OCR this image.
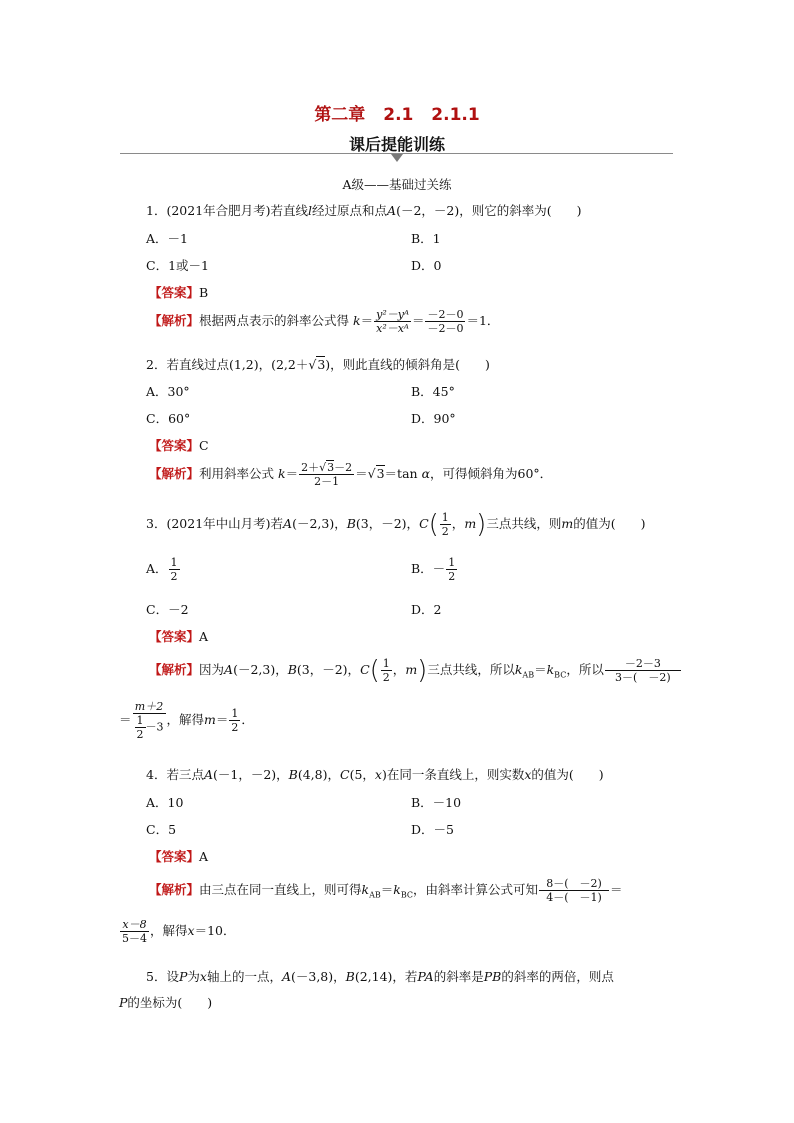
第二章 2.1 2.1.1
课后提能训练
A级——基础过关练
1．(2021年合肥月考)若直线l经过原点和点A(－2，－2)，则它的斜率为(　　)
A．－1	B．1
C．1或－1	D．0
【答案】B
【解析】根据两点表示的斜率公式得 $k= \frac{\text{y²－yᴬ}}{\text{x²－xᴬ}} = \frac{-2-0}{-2-0} =1$．
2．若直线过点(1,2)，(2,2＋√3)，则此直线的倾斜角是(　　)
A．30°	B．45°
C．60°	D．90°
【答案】C
【解析】利用斜率公式 $k= \frac{2+√3-2}{2-1} =√3=\tan$ α，可得倾斜角为60°．
3．(2021年中山月考)若A(－2,3)，B(3，－2)，$C( \frac{1}{2}$ ，m)三点共线，则m的值为(　　)
A． $\frac{1}{2}$	B．－ $\frac{1}{2}$
C．－2	D．2
【答案】A
【解析】因为A(－2,3)，B(3，－2)，$C( \frac{1}{2}$ ，m)三点共线，所以$k_{AB}=k_{BC}$，所以 $\frac{-2-3}{3-( -2)}$
＝ $\frac{m+2}{\frac{1}{2} -3}$ ，解得$m= \frac{1}{2}$ ．
4．若三点A(－1，－2)，B(4,8)，C(5，x)在同一条直线上，则实数x的值为(　　)
A．10	B．－10
C．5	D．－5
【答案】A
【解析】由三点在同一直线上，则可得$k_{AB}=k_{BC}$，由斜率计算公式可知 $\frac{8-( -2)}{4-( -1)}$ ＝
$\frac{x-8}{5-4}$ ，解得x＝10．
5．设P为x轴上的一点，A(－3,8)，B(2,14)，若PA的斜率是PB的斜率的两倍，则点
P的坐标为(　　)
